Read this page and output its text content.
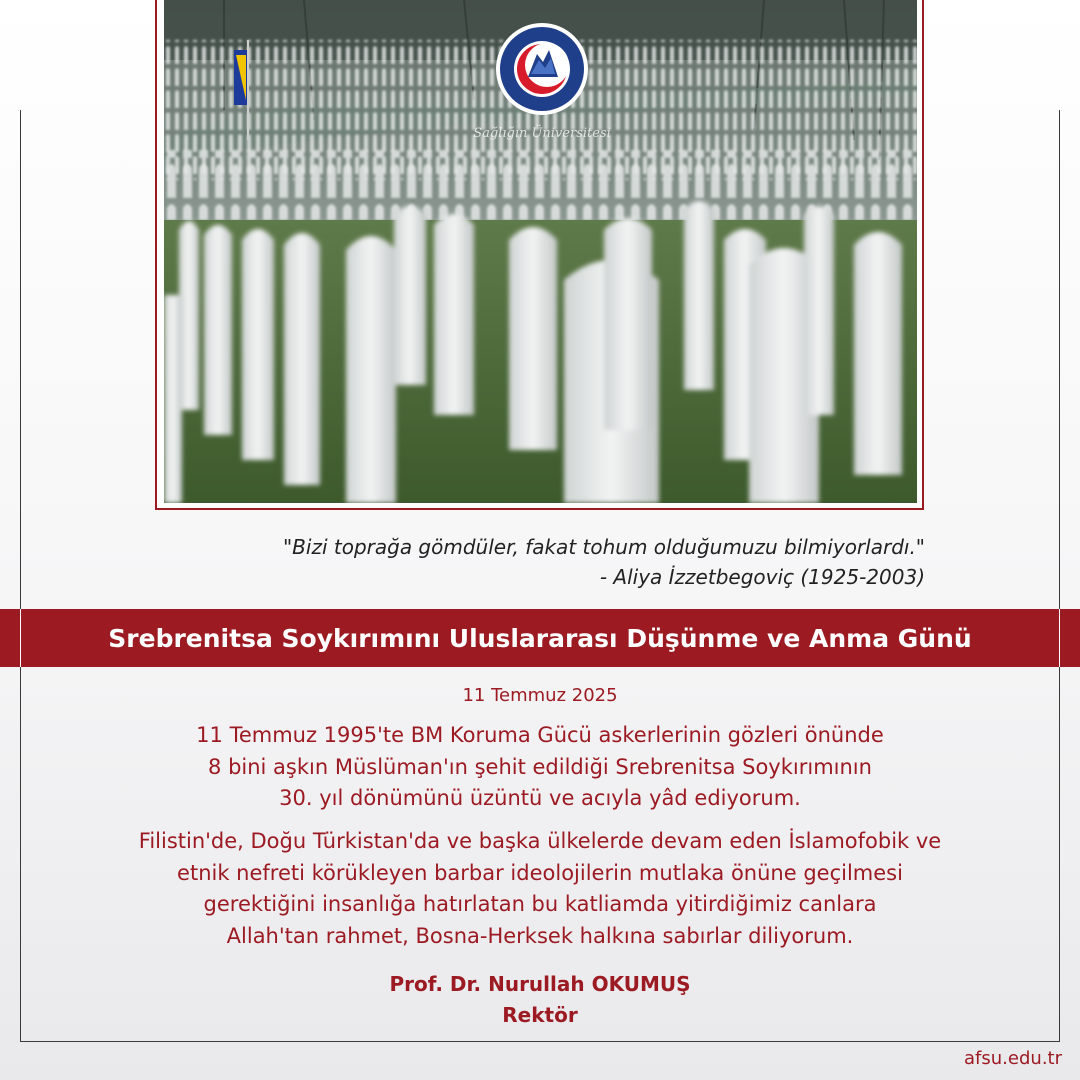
Sağlığın Üniversitesi
"Bizi toprağa gömdüler, fakat tohum olduğumuzu bilmiyorlardı."
- Aliya İzzetbegoviç (1925-2003)
Srebrenitsa Soykırımını Uluslararası Düşünme ve Anma Günü
11 Temmuz 2025
11 Temmuz 1995'te BM Koruma Gücü askerlerinin gözleri önünde
8 bini aşkın Müslüman'ın şehit edildiği Srebrenitsa Soykırımının
30. yıl dönümünü üzüntü ve acıyla yâd ediyorum.
Filistin'de, Doğu Türkistan'da ve başka ülkelerde devam eden İslamofobik ve
etnik nefreti körükleyen barbar ideolojilerin mutlaka önüne geçilmesi
gerektiğini insanlığa hatırlatan bu katliamda yitirdiğimiz canlara
Allah'tan rahmet, Bosna-Herksek halkına sabırlar diliyorum.
Prof. Dr. Nurullah OKUMUŞ
Rektör
afsu.edu.tr
